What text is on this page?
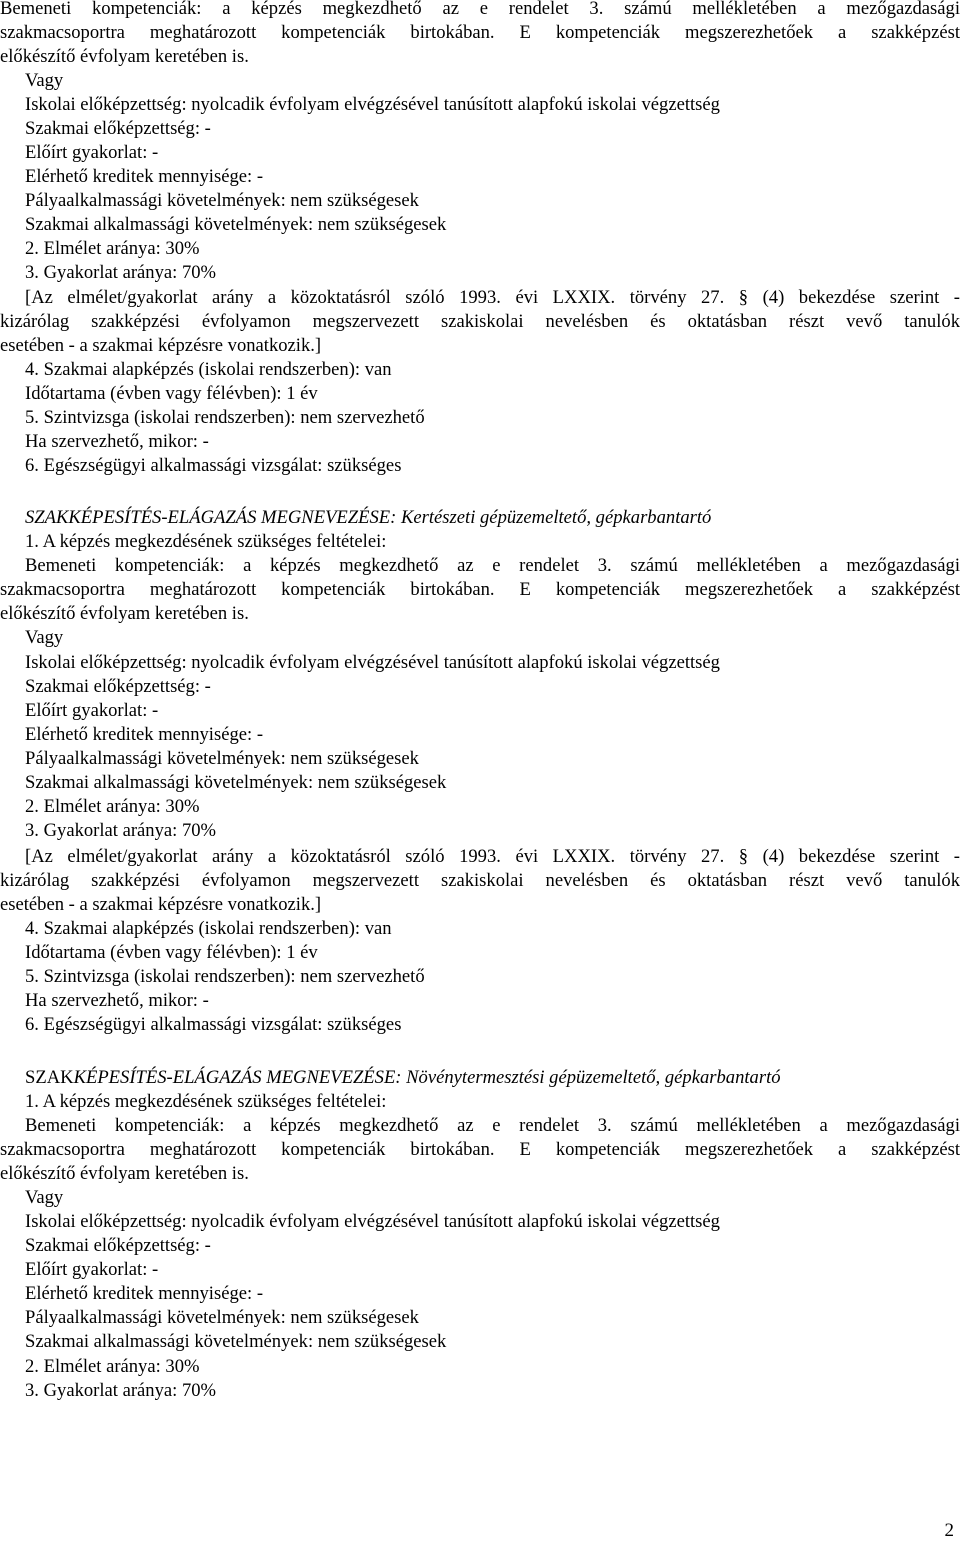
Bemeneti kompetenciák: a képzés megkezdhető az e rendelet 3. számú mellékletében a mezőgazdasági
szakmacsoportra meghatározott kompetenciák birtokában. E kompetenciák megszerezhetőek a szakképzést
előkészítő évfolyam keretében is.
Vagy
Iskolai előképzettség: nyolcadik évfolyam elvégzésével tanúsított alapfokú iskolai végzettség
Szakmai előképzettség: -
Előírt gyakorlat: -
Elérhető kreditek mennyisége: -
Pályaalkalmassági követelmények: nem szükségesek
Szakmai alkalmassági követelmények: nem szükségesek
2. Elmélet aránya: 30%
3. Gyakorlat aránya: 70%
[Az elmélet/gyakorlat arány a közoktatásról szóló 1993. évi LXXIX. törvény 27. § (4) bekezdése szerint -
kizárólag szakképzési évfolyamon megszervezett szakiskolai nevelésben és oktatásban részt vevő tanulók
esetében - a szakmai képzésre vonatkozik.]
4. Szakmai alapképzés (iskolai rendszerben): van
Időtartama (évben vagy félévben): 1 év
5. Szintvizsga (iskolai rendszerben): nem szervezhető
Ha szervezhető, mikor: -
6. Egészségügyi alkalmassági vizsgálat: szükséges
SZAKKÉPESÍTÉS-ELÁGAZÁS MEGNEVEZÉSE: Kertészeti gépüzemeltető, gépkarbantartó
1. A képzés megkezdésének szükséges feltételei:
Bemeneti kompetenciák: a képzés megkezdhető az e rendelet 3. számú mellékletében a mezőgazdasági
szakmacsoportra meghatározott kompetenciák birtokában. E kompetenciák megszerezhetőek a szakképzést
előkészítő évfolyam keretében is.
Vagy
Iskolai előképzettség: nyolcadik évfolyam elvégzésével tanúsított alapfokú iskolai végzettség
Szakmai előképzettség: -
Előírt gyakorlat: -
Elérhető kreditek mennyisége: -
Pályaalkalmassági követelmények: nem szükségesek
Szakmai alkalmassági követelmények: nem szükségesek
2. Elmélet aránya: 30%
3. Gyakorlat aránya: 70%
[Az elmélet/gyakorlat arány a közoktatásról szóló 1993. évi LXXIX. törvény 27. § (4) bekezdése szerint -
kizárólag szakképzési évfolyamon megszervezett szakiskolai nevelésben és oktatásban részt vevő tanulók
esetében - a szakmai képzésre vonatkozik.]
4. Szakmai alapképzés (iskolai rendszerben): van
Időtartama (évben vagy félévben): 1 év
5. Szintvizsga (iskolai rendszerben): nem szervezhető
Ha szervezhető, mikor: -
6. Egészségügyi alkalmassági vizsgálat: szükséges
SZAKKÉPESÍTÉS-ELÁGAZÁS MEGNEVEZÉSE: Növénytermesztési gépüzemeltető, gépkarbantartó
1. A képzés megkezdésének szükséges feltételei:
Bemeneti kompetenciák: a képzés megkezdhető az e rendelet 3. számú mellékletében a mezőgazdasági
szakmacsoportra meghatározott kompetenciák birtokában. E kompetenciák megszerezhetőek a szakképzést
előkészítő évfolyam keretében is.
Vagy
Iskolai előképzettség: nyolcadik évfolyam elvégzésével tanúsított alapfokú iskolai végzettség
Szakmai előképzettség: -
Előírt gyakorlat: -
Elérhető kreditek mennyisége: -
Pályaalkalmassági követelmények: nem szükségesek
Szakmai alkalmassági követelmények: nem szükségesek
2. Elmélet aránya: 30%
3. Gyakorlat aránya: 70%
2
